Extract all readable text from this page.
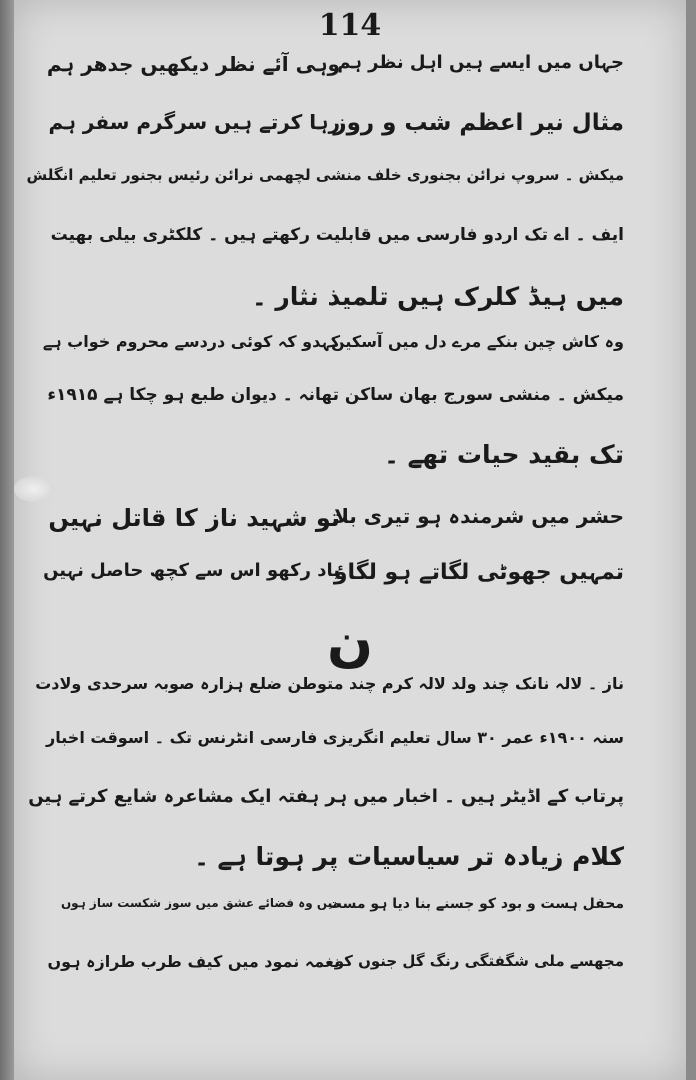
114
جہاں میں ایسے ہیں اہل نظر ہم
وہی آئے نظر دیکھیں جدھر ہم
مثال نیر اعظم شب و روز
رہا کرتے ہیں سرگرم سفر ہم
میکش ۔ سروپ نرائن بجنوری خلف منشی لچھمی نرائن رئیس بجنور تعلیم انگلش
ایف ۔ اے تک اردو فارسی میں قابلیت رکھتے ہیں ۔ کلکٹری بیلی بھیت
میں ہیڈ کلرک ہیں تلمیذ نثار ۔
وہ کاش چین بنکے مرے دل میں آسکیں
کہدو کہ کوئی دردسے محروم خواب ہے
میکش ۔ منشی سورج بھان ساکن تھانہ ۔ دیوان طبع ہو چکا ہے ۱۹۱۵ء
تک بقید حیات تھے ۔
حشر میں شرمندہ ہو تیری بلا
تو شہید ناز کا قاتل نہیں
تمہیں جھوٹی لگاتے ہو لگاؤ
یاد رکھو اس سے کچھ حاصل نہیں
ن
ناز ۔ لالہ نانک چند ولد لالہ کرم چند متوطن ضلع ہزارہ صوبہ سرحدی ولادت
سنہ ۱۹۰۰ء عمر ۳۰ سال تعلیم انگریزی فارسی انٹرنس تک ۔ اسوقت اخبار
پرتاب کے اڈیٹر ہیں ۔ اخبار میں ہر ہفتہ ایک مشاعرہ شایع کرتے ہیں
کلام زیادہ تر سیاسیات پر ہوتا ہے ۔
محفل ہست و بود کو جسنے بنا دیا ہو مست
میں وہ فضائے عشق میں سوز شکست ساز ہوں
مجھسے ملی شگفتگی رنگ گل جنوں کو
نغمہ نمود میں کیف طرب طرازہ ہوں
